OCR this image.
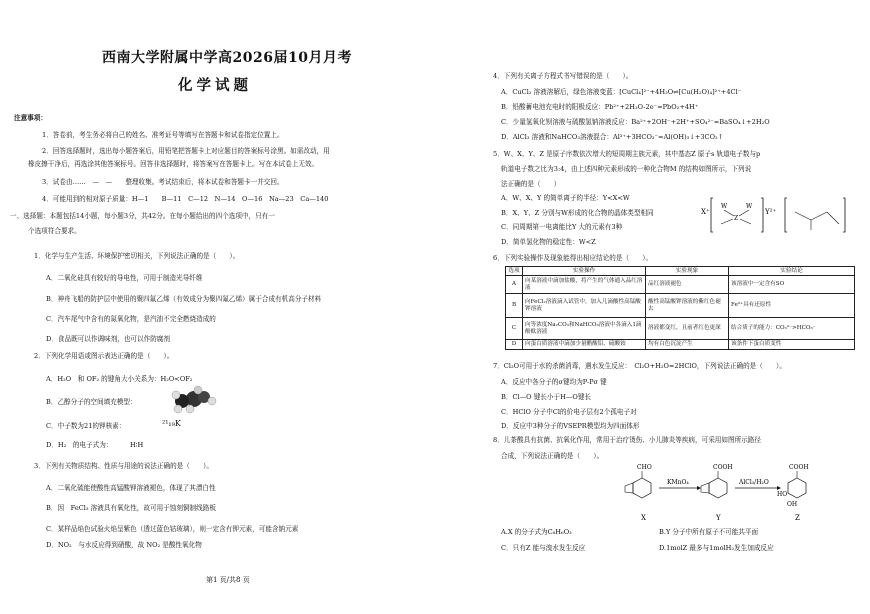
西南大学附属中学高2026届10月月考
化学试题
注意事项：
1．答卷前，考生务必将自己的姓名、准考证号等填写在答题卡和试卷指定位置上。
2．回答选择题时，选出每小题答案后，用铅笔把答题卡上对应题目的答案标号涂黑。如需改动，用
橡皮擦干净后，再选涂其他答案标号。回答非选择题时，将答案写在答题卡上。写在本试卷上无效。
3．试卷由……　—　—　　整理收集。考试结束后，将本试卷和答题卡一并交回。
4．可能用到的相对原子质量：H—1　　B—11　C—12　N—14　O—16　Na—23　Ca—140
一、选择题：本题包括14小题，每小题3分，共42分。在每小题给出的四个选项中，只有一
个选项符合要求。
1．化学与生产生活、环境保护密切相关，下列说法正确的是（　　）。
A．二氧化硅具有较好的导电性，可用于制造光导纤维
B．神舟飞船的防护层中使用的聚四氟乙烯（有效成分为聚四氟乙烯）属于合成有机高分子材料
C．汽车尾气中含有的氮氧化物，是汽油不完全燃烧造成的
D．食品既可以作调味剂，也可以作防腐剂
2．下列化学用语或图示表达正确的是（　　）。
A．H₂O　和 OF₂ 的键角大小关系为：H₂O<OF₂
B．乙醇分子的空间填充模型：
C．中子数为21的钾核素：	²¹₁₉K
D．H₂　的电子式为：	H∶H
3．下列有关物质结构、性质与用途的说法正确的是（　　）。
A．二氧化硫能使酸性高锰酸钾溶液褪色，体现了其漂白性
B．因　FeCl₃ 溶液具有氧化性，故可用于蚀刻铜制线路板
C．某样品焰色试验火焰呈紫色（透过蓝色钴玻璃），则一定含有钾元素，可能含钠元素
D．NO₂　与水反应得到硝酸，故 NO₂ 是酸性氧化物
第1 页/共8 页
4．下列有关离子方程式书写错误的是（　　）。
A．CuCl₂ 溶液溶解后，绿色溶液变蓝：[CuCl₄]²⁻+4H₂O⇌[Cu(H₂O)₄]²⁺+4Cl⁻
B．铅酸蓄电池充电时的阳极反应：Pb²⁺+2H₂O-2e⁻=PbO₂+4H⁺
C．少量氢氧化钡溶液与硫酸氢钠溶液反应：Ba²⁺+2OH⁻+2H⁺+SO₄²⁻=BaSO₄↓+2H₂O
D．AlCl₃ 溶液和NaHCO₃溶液混合：Al³⁺+3HCO₃⁻=Al(OH)₃↓+3CO₂↑
5．W、X、Y、Z 是原子序数依次增大的短周期主族元素，其中基态Z 原子s 轨道电子数与p
轨道电子数之比为3:4，由上述四种元素形成的一种化合物M 的结构如图所示，下列说
法正确的是（　　）
A．W、X、Y 的简单离子的半径：Y<X<W
B．X、Y、Z 分别与W形成的化合物的晶体类型相同
C．同周期第一电离能比Y 大的元素有3种
D．简单氢化物的稳定性：W<Z
X⁺
W	W
Z
Y²⁺
6．下列实验操作及现象能得出相应结论的是（　　）。
选项	实验操作	实验现象	实验结论
A	向某溶液中滴加盐酸，将产生的气体通入品红溶液	品红溶液褪色	该溶液中一定含有SO
B	向FeCl₂溶液滴入试管中，加入几滴酸性高锰酸钾溶液	酸性高锰酸钾溶液的紫红色褪去	Fe²⁺具有还原性
C	向等浓度Na₂CO₃和NaHCO₃溶液中各滴入1滴酚酞溶液	溶液都变红，且前者红色更深	结合质子的能力：CO₃²⁻>HCO₃⁻
D	向蛋白质溶液中滴加少量醋酸铅、硫酸铵	均有白色沉淀产生	该条件下蛋白质变性
7．Cl₂O可用于水的杀菌消毒，遇水发生反应：　Cl₂O+H₂O=2HClO，下列说法正确的是（　　）。
A．反应中各分子的σ键均为P-Pσ 键
B．Cl—O 键长小于H—O键长
C．HClO 分子中Cl的价电子层有2个孤电子对
D．反应中3种分子的VSEPR模型均为四面体形
8．儿茶酸具有抗菌、抗氧化作用，常用于治疗烫伤、小儿肺炎等疾病，可采用如图所示路径
合成，下列说法正确的是（　　）。
CHO
X
KMnO₄
COOH
Y
AlCl₃/H₂O
COOH
OH
HO
Z
A.X 的分子式为C₈H₆O₃	B.Y 分子中所有原子不可能共平面
C．只有Z 能与溴水发生反应	D.1molZ 最多与1molH₂发生加成反应
